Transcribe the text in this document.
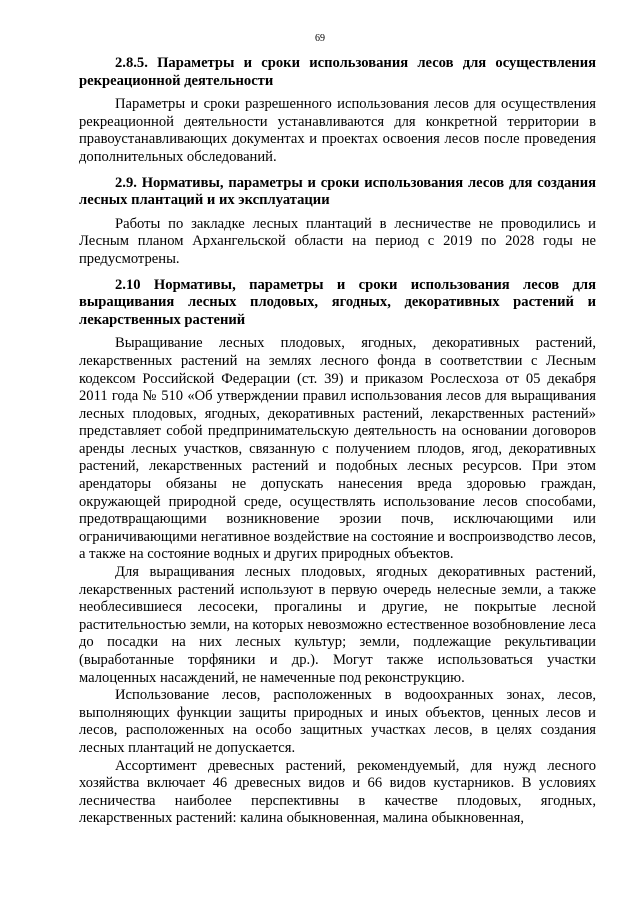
69
2.8.5. Параметры и сроки использования лесов для осуществления рекреационной деятельности

Параметры и сроки разрешенного использования лесов для осуществления рекреационной деятельности устанавливаются для конкретной территории в правоустанавливающих документах и проектах освоения лесов после проведения дополнительных обследований.

2.9. Нормативы, параметры и сроки использования лесов для создания лесных плантаций и их эксплуатации

Работы по закладке лесных плантаций в лесничестве не проводились и Лесным планом Архангельской области на период с 2019 по 2028 годы не предусмотрены.

2.10 Нормативы, параметры и сроки использования лесов для выращивания лесных плодовых, ягодных, декоративных растений и лекарственных растений

Выращивание лесных плодовых, ягодных, декоративных растений, лекарственных растений на землях лесного фонда в соответствии с Лесным кодексом Российской Федерации (ст. 39) и приказом Рослесхоза от 05 декабря 2011 года № 510 «Об утверждении правил использования лесов для выращивания лесных плодовых, ягодных, декоративных растений, лекарственных растений» представляет собой предпринимательскую деятельность на основании договоров аренды лесных участков, связанную с получением плодов, ягод, декоративных растений, лекарственных растений и подобных лесных ресурсов. При этом арендаторы обязаны не допускать нанесения вреда здоровью граждан, окружающей природной среде, осуществлять использование лесов способами, предотвращающими возникновение эрозии почв, исключающими или ограничивающими негативное воздействие на состояние и воспроизводство лесов, а также на состояние водных и других природных объектов.

Для выращивания лесных плодовых, ягодных декоративных растений, лекарственных растений используют в первую очередь нелесные земли, а также необлесившиеся лесосеки, прогалины и другие, не покрытые лесной растительностью земли, на которых невозможно естественное возобновление леса до посадки на них лесных культур; земли, подлежащие рекультивации (выработанные торфяники и др.). Могут также использоваться участки малоценных насаждений, не намеченные под реконструкцию.

Использование лесов, расположенных в водоохранных зонах, лесов, выполняющих функции защиты природных и иных объектов, ценных лесов и лесов, расположенных на особо защитных участках лесов, в целях создания лесных плантаций не допускается.

Ассортимент древесных растений, рекомендуемый, для нужд лесного хозяйства включает 46 древесных видов и 66 видов кустарников. В условиях лесничества наиболее перспективны в качестве плодовых, ягодных, лекарственных растений: калина обыкновенная, малина обыкновенная,
